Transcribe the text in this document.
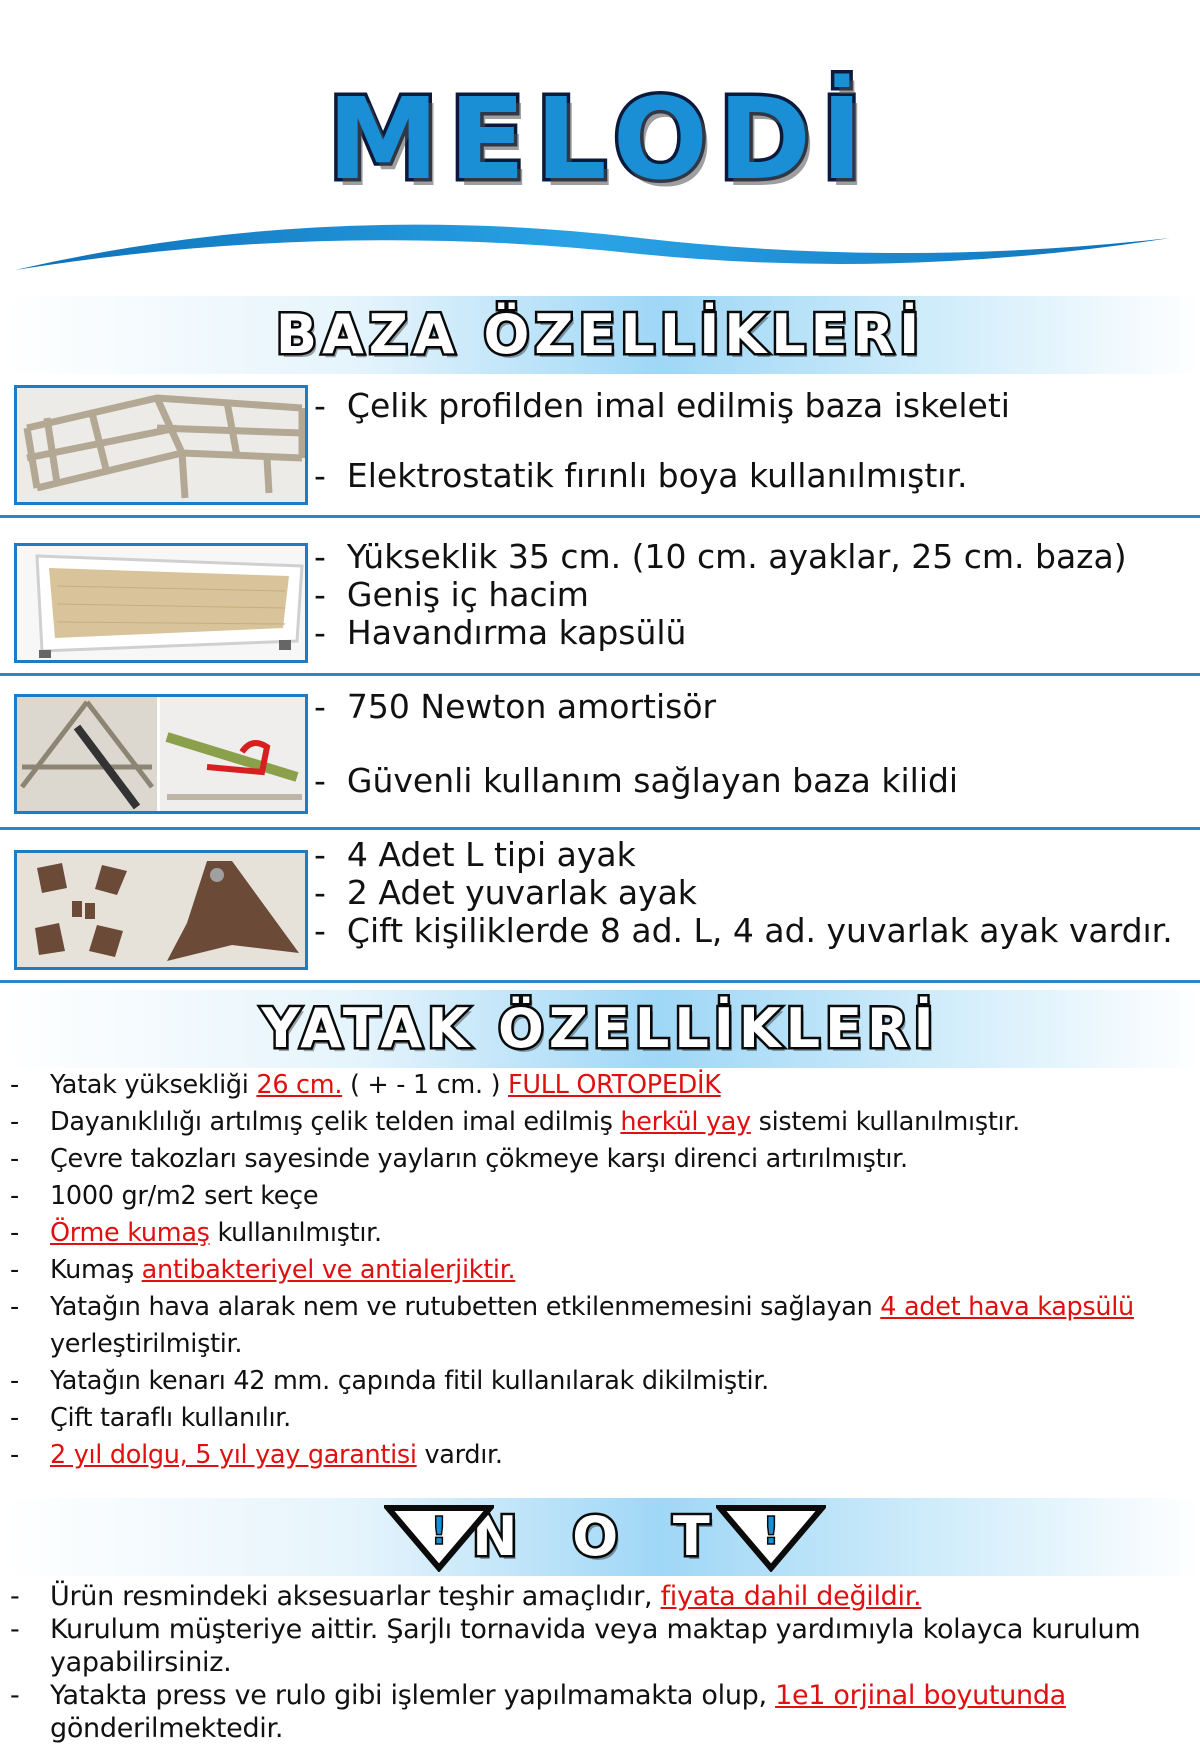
MELODİ
BAZA ÖZELLİKLERİ
- Çelik profilden imal edilmiş baza iskeleti
- Elektrostatik fırınlı boya kullanılmıştır.
- Yükseklik 35 cm. (10 cm. ayaklar, 25 cm. baza)
- Geniş iç hacim
- Havandırma kapsülü
- 750 Newton amortisör
- Güvenli kullanım sağlayan baza kilidi
- 4 Adet L tipi ayak
- 2 Adet yuvarlak ayak
- Çift kişiliklerde 8 ad. L, 4 ad. yuvarlak ayak vardır.
YATAK ÖZELLİKLERİ
- Yatak yüksekliği 26 cm. ( + - 1 cm. ) FULL ORTOPEDİK
- Dayanıklılığı artılmış çelik telden imal edilmiş herkül yay sistemi kullanılmıştır.
- Çevre takozları sayesinde yayların çökmeye karşı direnci artırılmıştır.
- 1000 gr/m2 sert keçe
- Örme kumaş kullanılmıştır.
- Kumaş antibakteriyel ve antialerjiktir.
- Yatağın hava alarak nem ve rutubetten etkilenmemesini sağlayan 4 adet hava kapsülü yerleştirilmiştir.
- Yatağın kenarı 42 mm. çapında fitil kullanılarak dikilmiştir.
- Çift taraflı kullanılır.
- 2 yıl dolgu, 5 yıl yay garantisi vardır.
! N O T !
- Ürün resmindeki aksesuarlar teşhir amaçlıdır, fiyata dahil değildir.
- Kurulum müşteriye aittir. Şarjlı tornavida veya maktap yardımıyla kolayca kurulum yapabilirsiniz.
- Yatakta press ve rulo gibi işlemler yapılmamakta olup, 1e1 orjinal boyutunda gönderilmektedir.
